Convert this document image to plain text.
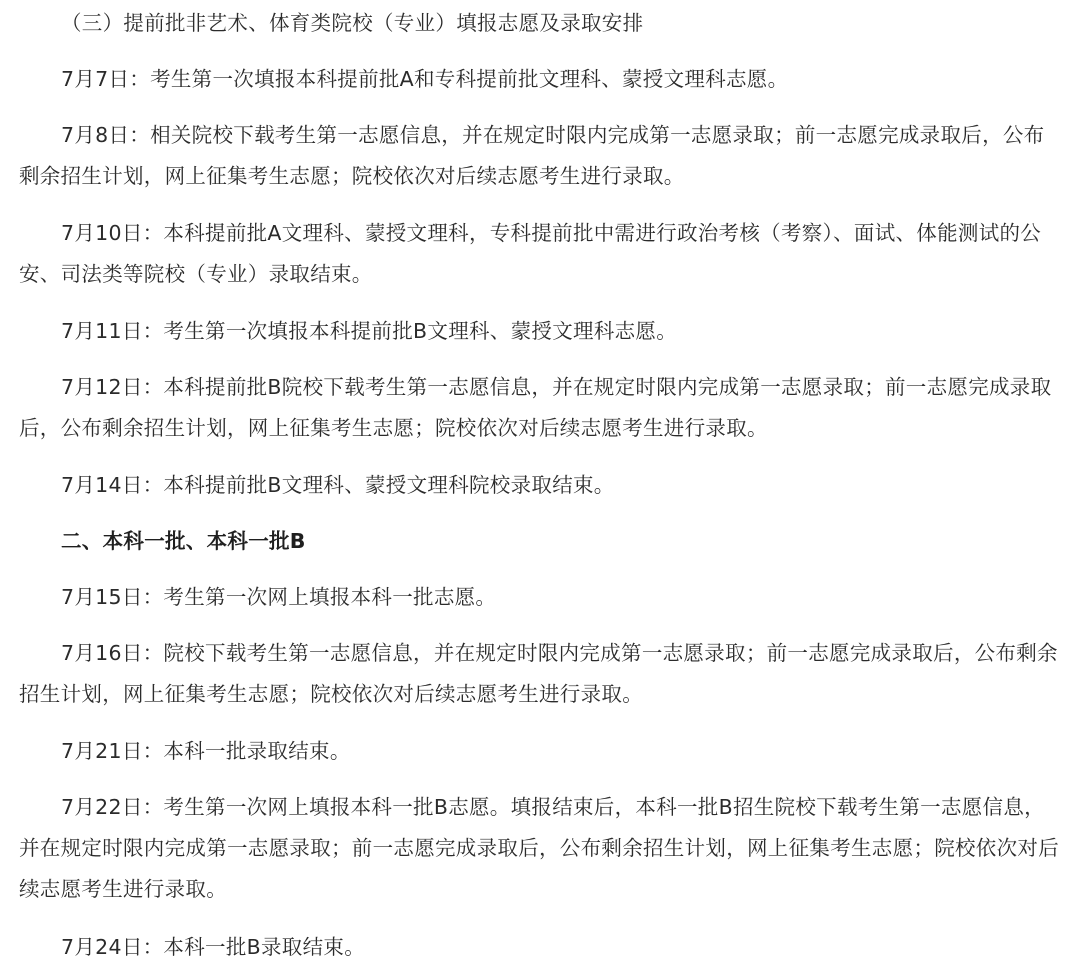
（三）提前批非艺术、体育类院校（专业）填报志愿及录取安排

7月7日：考生第一次填报本科提前批A和专科提前批文理科、蒙授文理科志愿。

7月8日：相关院校下载考生第一志愿信息，并在规定时限内完成第一志愿录取；前一志愿完成录取后，公布剩余招生计划，网上征集考生志愿；院校依次对后续志愿考生进行录取。

7月10日：本科提前批A文理科、蒙授文理科，专科提前批中需进行政治考核（考察）、面试、体能测试的公安、司法类等院校（专业）录取结束。

7月11日：考生第一次填报本科提前批B文理科、蒙授文理科志愿。

7月12日：本科提前批B院校下载考生第一志愿信息，并在规定时限内完成第一志愿录取；前一志愿完成录取后，公布剩余招生计划，网上征集考生志愿；院校依次对后续志愿考生进行录取。

7月14日：本科提前批B文理科、蒙授文理科院校录取结束。

二、本科一批、本科一批B

7月15日：考生第一次网上填报本科一批志愿。

7月16日：院校下载考生第一志愿信息，并在规定时限内完成第一志愿录取；前一志愿完成录取后，公布剩余招生计划，网上征集考生志愿；院校依次对后续志愿考生进行录取。

7月21日：本科一批录取结束。

7月22日：考生第一次网上填报本科一批B志愿。填报结束后，本科一批B招生院校下载考生第一志愿信息，并在规定时限内完成第一志愿录取；前一志愿完成录取后，公布剩余招生计划，网上征集考生志愿；院校依次对后续志愿考生进行录取。

7月24日：本科一批B录取结束。
